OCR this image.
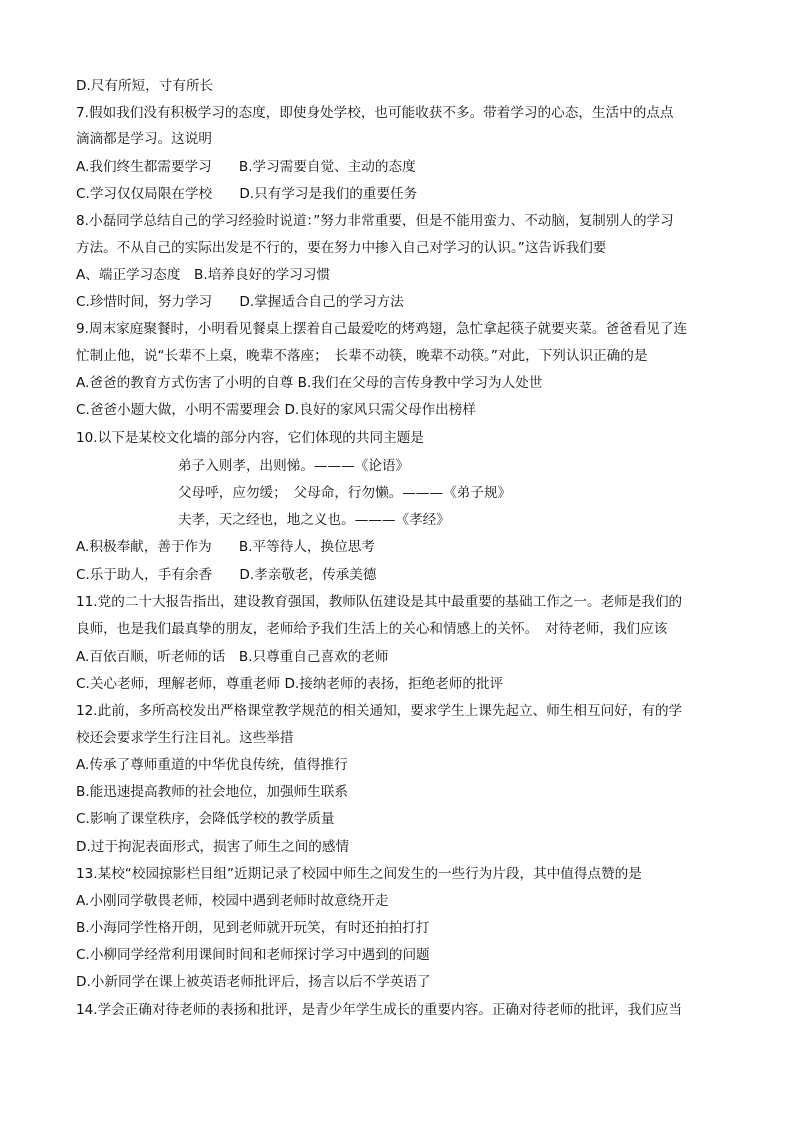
D.尺有所短，寸有所长
7.假如我们没有积极学习的态度，即使身处学校，也可能收获不多。带着学习的心态，生活中的点点
滴滴都是学习。这说明
A.我们终生都需要学习　　B.学习需要自觉、主动的态度
C.学习仅仅局限在学校　　D.只有学习是我们的重要任务
8.小磊同学总结自己的学习经验时说道：”努力非常重要，但是不能用蛮力、不动脑，复制别人的学习
方法。不从自己的实际出发是不行的，要在努力中掺入自己对学习的认识。”这告诉我们要
A、端正学习态度　B.培养良好的学习习惯
C.珍惜时间，努力学习　　D.掌握适合自己的学习方法
9.周末家庭聚餐时，小明看见餐桌上摆着自己最爱吃的烤鸡翅，急忙拿起筷子就要夹菜。爸爸看见了连
忙制止他，说“长辈不上桌，晚辈不落座；　长辈不动筷，晚辈不动筷。”对此，下列认识正确的是
A.爸爸的教育方式伤害了小明的自尊 B.我们在父母的言传身教中学习为人处世
C.爸爸小题大做，小明不需要理会 D.良好的家风只需父母作出榜样
10.以下是某校文化墙的部分内容，它们体现的共同主题是
弟子入则孝，出则悌。———《论语》
父母呼，应勿缓；　父母命，行勿懒。———《弟子规》
夫孝，天之经也，地之义也。———《孝经》
A.积极奉献，善于作为　　B.平等待人，换位思考
C.乐于助人，手有余香　　D.孝亲敬老，传承美德
11.党的二十大报告指出，建设教育强国，教师队伍建设是其中最重要的基础工作之一。老师是我们的
良师，也是我们最真挚的朋友，老师给予我们生活上的关心和情感上的关怀。　对待老师，我们应该
A.百依百顺，听老师的话　B.只尊重自己喜欢的老师
C.关心老师，理解老师，尊重老师 D.接纳老师的表扬，拒绝老师的批评
12.此前，多所高校发出严格课堂教学规范的相关通知，要求学生上课先起立、师生相互问好，有的学
校还会要求学生行注目礼。这些举措
A.传承了尊师重道的中华优良传统，值得推行
B.能迅速提高教师的社会地位，加强师生联系
C.影响了课堂秩序，会降低学校的教学质量
D.过于拘泥表面形式，损害了师生之间的感情
13.某校“校园掠影栏目组”近期记录了校园中师生之间发生的一些行为片段，其中值得点赞的是
A.小刚同学敬畏老师，校园中遇到老师时故意绕开走
B.小海同学性格开朗，见到老师就开玩笑，有时还拍拍打打
C.小柳同学经常利用课间时间和老师探讨学习中遇到的问题
D.小新同学在课上被英语老师批评后，扬言以后不学英语了
14.学会正确对待老师的表扬和批评，是青少年学生成长的重要内容。正确对待老师的批评，我们应当
